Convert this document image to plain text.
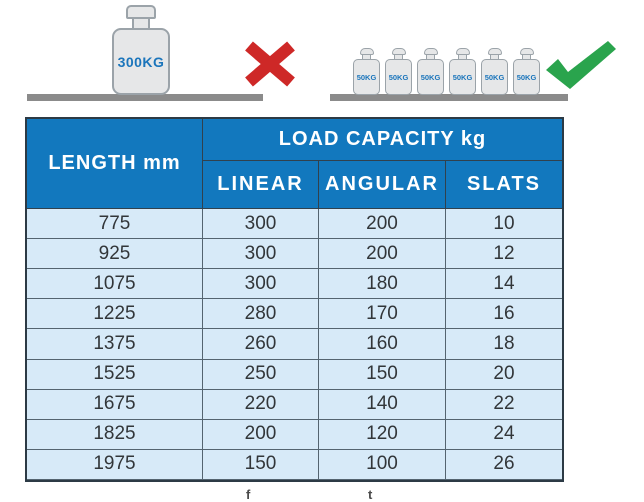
300KG
50KG 50KG 50KG 50KG 50KG 50KG
LENGTH mm
LOAD CAPACITY kg
LINEAR	ANGULAR	SLATS
775	300	200	10
925	300	200	12
1075	300	180	14
1225	280	170	16
1375	260	160	18
1525	250	150	20
1675	220	140	22
1825	200	120	24
1975	150	100	26
f	t
